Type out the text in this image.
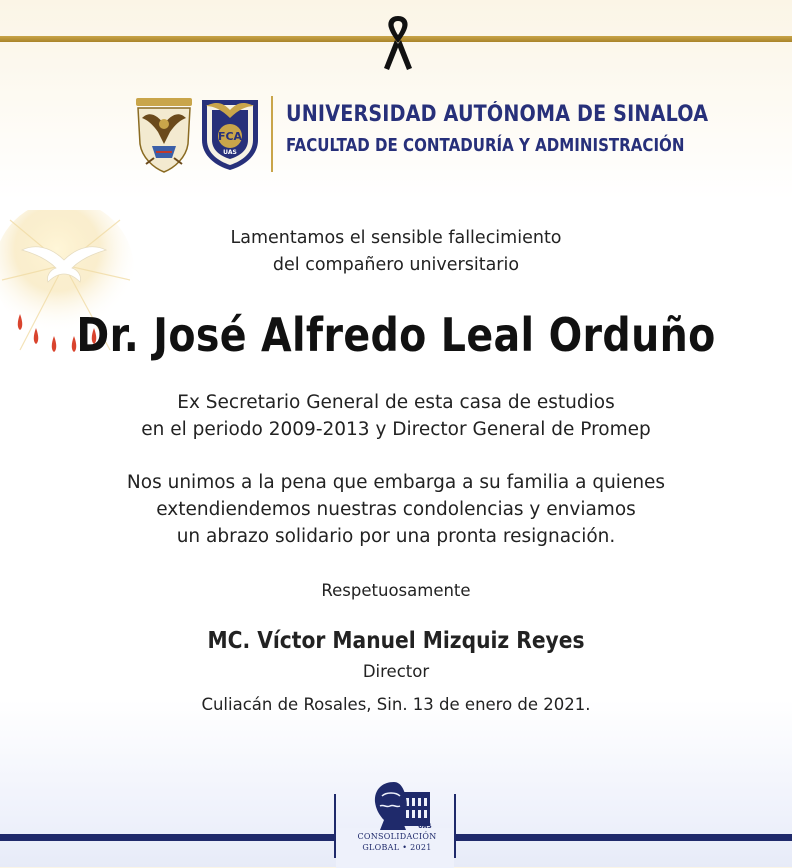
FCA
UAS
UNIVERSIDAD AUTÓNOMA DE SINALOA
FACULTAD DE CONTADURÍA Y ADMINISTRACIÓN
Lamentamos el sensible fallecimiento
del compañero universitario
Dr. José Alfredo Leal Orduño
Ex Secretario General de esta casa de estudios
en el periodo 2009-2013 y Director General de Promep
Nos unimos a la pena que embarga a su familia a quienes
extendiendemos nuestras condolencias y enviamos
un abrazo solidario por una pronta resignación.
Respetuosamente
MC. Víctor Manuel Mizquiz Reyes
Director
Culiacán de Rosales, Sin. 13 de enero de 2021.
UAS
CONSOLIDACIÓN
GLOBAL • 2021
